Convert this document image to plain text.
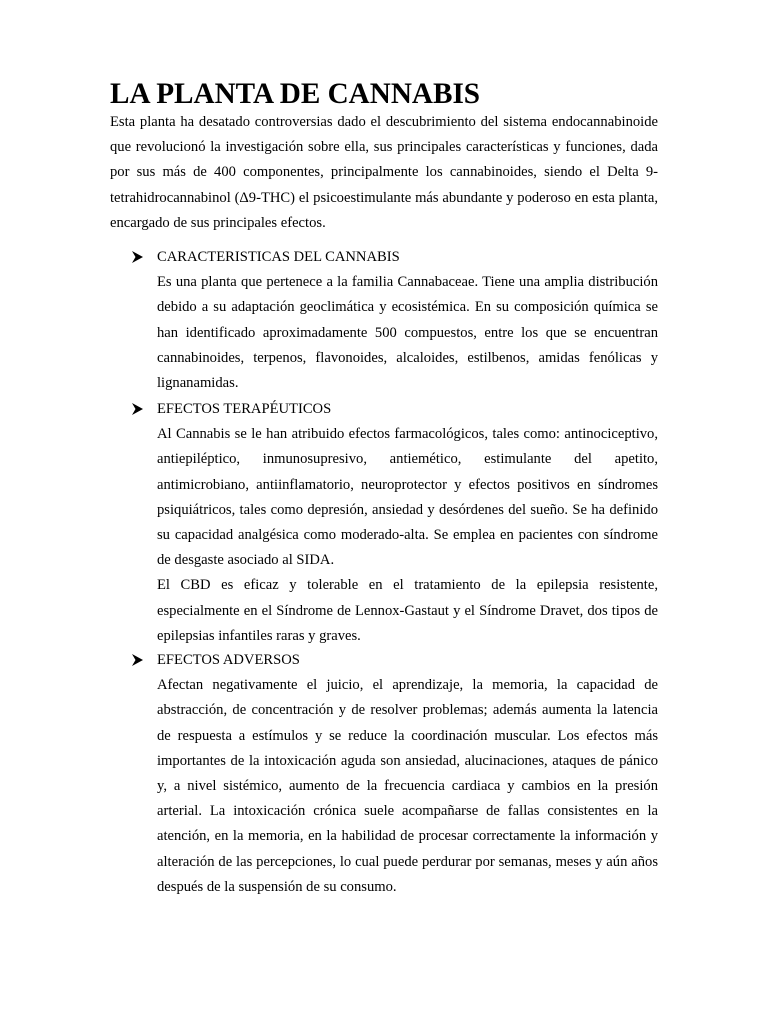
LA PLANTA DE CANNABIS

Esta planta ha desatado controversias dado el descubrimiento del sistema endocannabinoide que revolucionó la investigación sobre ella, sus principales características y funciones, dada por sus más de 400 componentes, principalmente los cannabinoides, siendo el Delta 9-tetrahidrocannabinol (Δ9-THC) el psicoestimulante más abundante y poderoso en esta planta, encargado de sus principales efectos.

CARACTERISTICAS DEL CANNABIS

Es una planta que pertenece a la familia Cannabaceae. Tiene una amplia distribución debido a su adaptación geoclimática y ecosistémica. En su composición química se han identificado aproximadamente 500 compuestos, entre los que se encuentran cannabinoides, terpenos, flavonoides, alcaloides, estilbenos, amidas fenólicas y lignanamidas.

EFECTOS TERAPÉUTICOS

Al Cannabis se le han atribuido efectos farmacológicos, tales como: antinociceptivo, antiepiléptico, inmunosupresivo, antiemético, estimulante del apetito, antimicrobiano, antiinflamatorio, neuroprotector y efectos positivos en síndromes psiquiátricos, tales como depresión, ansiedad y desórdenes del sueño. Se ha definido su capacidad analgésica como moderado-alta. Se emplea en pacientes con síndrome de desgaste asociado al SIDA.

El CBD es eficaz y tolerable en el tratamiento de la epilepsia resistente, especialmente en el Síndrome de Lennox-Gastaut y el Síndrome Dravet, dos tipos de epilepsias infantiles raras y graves.

EFECTOS ADVERSOS

Afectan negativamente el juicio, el aprendizaje, la memoria, la capacidad de abstracción, de concentración y de resolver problemas; además aumenta la latencia de respuesta a estímulos y se reduce la coordinación muscular. Los efectos más importantes de la intoxicación aguda son ansiedad, alucinaciones, ataques de pánico y, a nivel sistémico, aumento de la frecuencia cardiaca y cambios en la presión arterial. La intoxicación crónica suele acompañarse de fallas consistentes en la atención, en la memoria, en la habilidad de procesar correctamente la información y alteración de las percepciones, lo cual puede perdurar por semanas, meses y aún años después de la suspensión de su consumo.
